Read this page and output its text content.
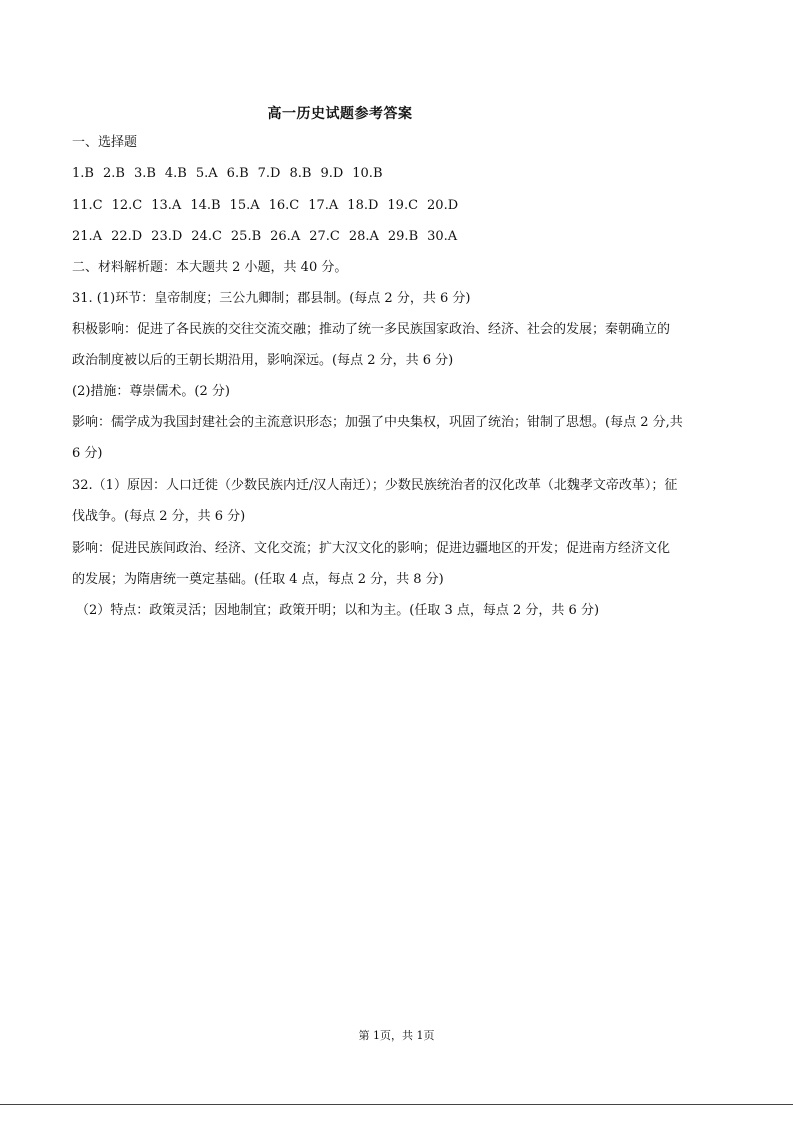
高一历史试题参考答案
一、选择题
1.B 2.B 3.B 4.B 5.A 6.B 7.D 8.B 9.D 10.B
11.C 12.C 13.A 14.B 15.A 16.C 17.A 18.D 19.C 20.D
21.A 22.D 23.D 24.C 25.B 26.A 27.C 28.A 29.B 30.A
二、材料解析题：本大题共 2 小题，共 40 分。
31. (1)环节：皇帝制度；三公九卿制；郡县制。(每点 2 分，共 6 分)
积极影响：促进了各民族的交往交流交融；推动了统一多民族国家政治、经济、社会的发展；秦朝确立的
政治制度被以后的王朝长期沿用，影响深远。(每点 2 分，共 6 分)
(2)措施：尊崇儒术。(2 分)
影响：儒学成为我国封建社会的主流意识形态；加强了中央集权，巩固了统治；钳制了思想。(每点 2 分,共
6 分)
32.（1）原因：人口迁徙（少数民族内迁/汉人南迁）；少数民族统治者的汉化改革（北魏孝文帝改革）；征
伐战争。(每点 2 分，共 6 分)
影响：促进民族间政治、经济、文化交流；扩大汉文化的影响；促进边疆地区的开发；促进南方经济文化
的发展；为隋唐统一奠定基础。(任取 4 点，每点 2 分，共 8 分)
（2）特点：政策灵活；因地制宜；政策开明；以和为主。(任取 3 点，每点 2 分，共 6 分)
第 1页，共 1页
